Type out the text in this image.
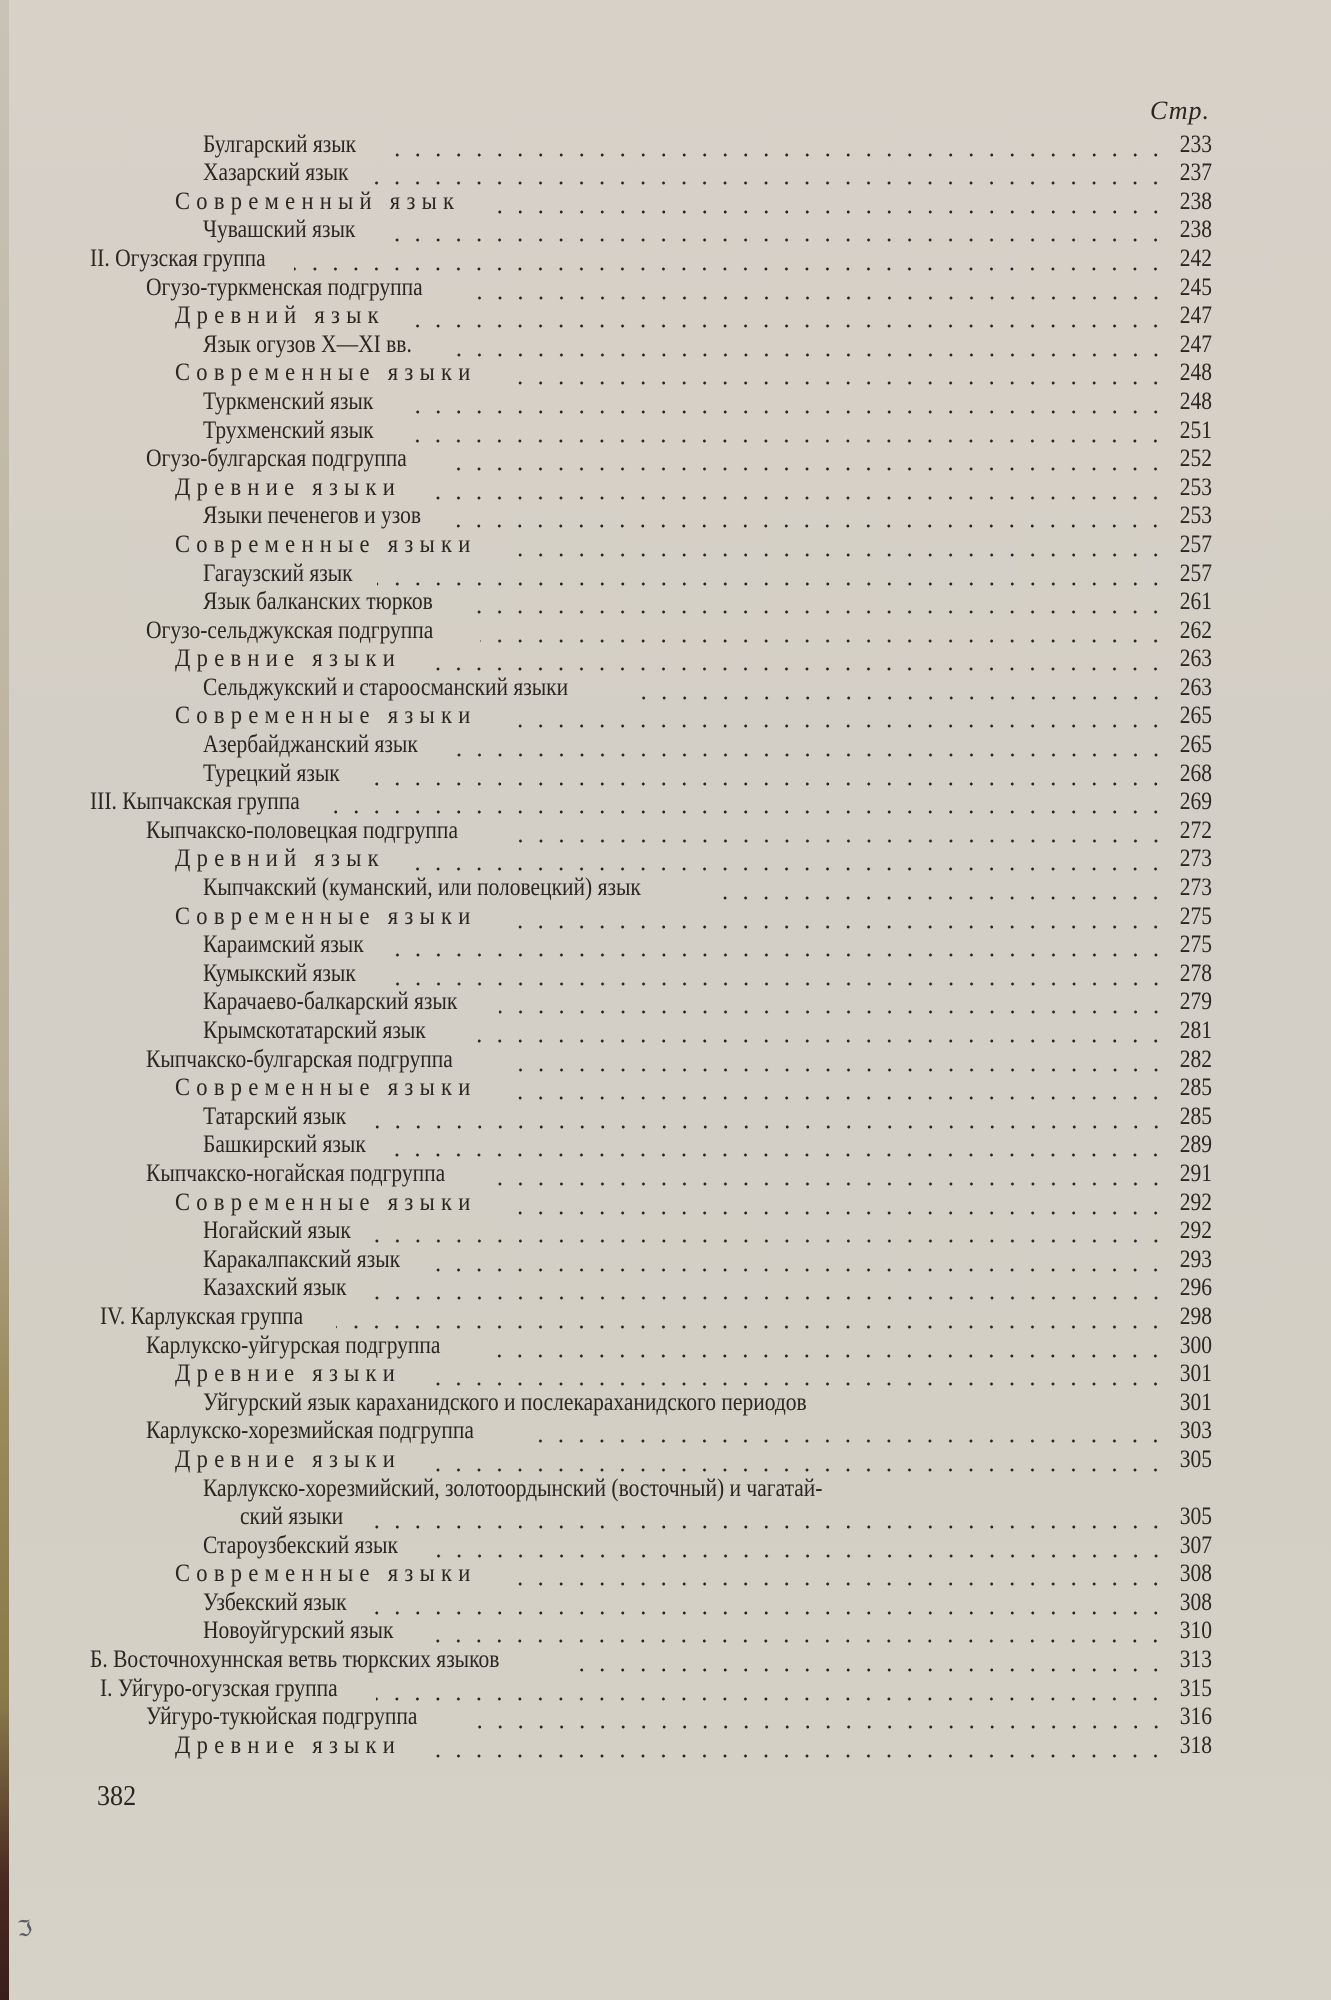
Стр.
Булгарский язык	233
Хазарский язык	237
Современный язык	238
Чувашский язык	238
II. Огузская группа	242
Огузо-туркменская подгруппа	245
Древний язык	247
Язык огузов X—XI вв.	247
Современные языки	248
Туркменский язык	248
Трухменский язык	251
Огузо-булгарская подгруппа	252
Древние языки	253
Языки печенегов и узов	253
Современные языки	257
Гагаузский язык	257
Язык балканских тюрков	261
Огузо-сельджукская подгруппа	262
Древние языки	263
Сельджукский и староосманский языки	263
Современные языки	265
Азербайджанский язык	265
Турецкий язык	268
III. Кыпчакская группа	269
Кыпчакско-половецкая подгруппа	272
Древний язык	273
Кыпчакский (куманский, или половецкий) язык	273
Современные языки	275
Караимский язык	275
Кумыкский язык	278
Карачаево-балкарский язык	279
Крымскотатарский язык	281
Кыпчакско-булгарская подгруппа	282
Современные языки	285
Татарский язык	285
Башкирский язык	289
Кыпчакско-ногайская подгруппа	291
Современные языки	292
Ногайский язык	292
Каракалпакский язык	293
Казахский язык	296
IV. Карлукская группа	298
Карлукско-уйгурская подгруппа	300
Древние языки	301
Уйгурский язык караханидского и послекараханидского периодов	301
Карлукско-хорезмийская подгруппа	303
Древние языки	305
Карлукско-хорезмийский, золотоордынский (восточный) и чагатай-
ский языки	305
Староузбекский язык	307
Современные языки	308
Узбекский язык	308
Новоуйгурский язык	310
Б. Восточнохуннская ветвь тюркских языков	313
I. Уйгуро-огузская группа	315
Уйгуро-тукюйская подгруппа	316
Древние языки	318
382
ℑ
